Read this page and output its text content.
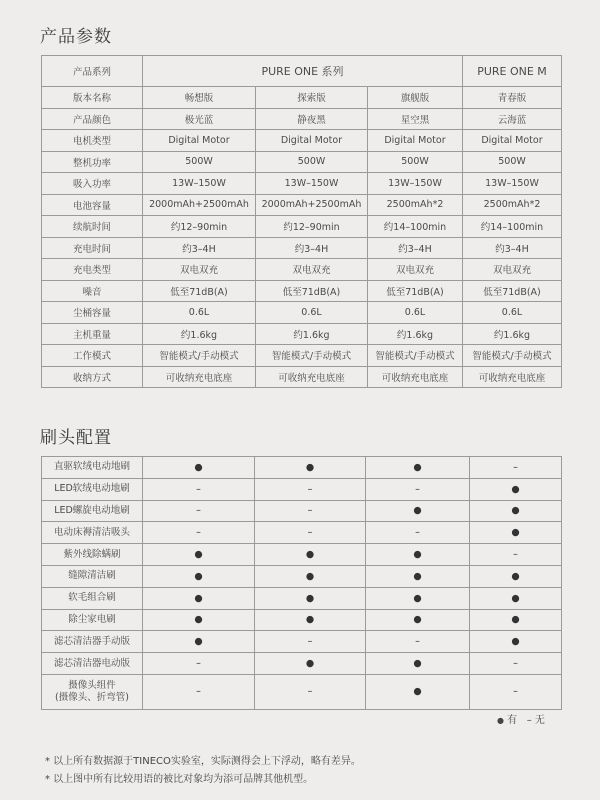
产品参数
产品系列	PURE ONE 系列			PURE ONE M
版本名称	畅想版	探索版	旗舰版	青春版
产品颜色	极光蓝	静夜黑	星空黑	云海蓝
电机类型	Digital Motor	Digital Motor	Digital Motor	Digital Motor
整机功率	500W	500W	500W	500W
吸入功率	13W–150W	13W–150W	13W–150W	13W–150W
电池容量	2000mAh+2500mAh	2000mAh+2500mAh	2500mAh*2	2500mAh*2
续航时间	约12–90min	约12–90min	约14–100min	约14–100min
充电时间	约3–4H	约3–4H	约3–4H	约3–4H
充电类型	双电双充	双电双充	双电双充	双电双充
噪音	低至71dB(A)	低至71dB(A)	低至71dB(A)	低至71dB(A)
尘桶容量	0.6L	0.6L	0.6L	0.6L
主机重量	约1.6kg	约1.6kg	约1.6kg	约1.6kg
工作模式	智能模式/手动模式	智能模式/手动模式	智能模式/手动模式	智能模式/手动模式
收纳方式	可收纳充电底座	可收纳充电底座	可收纳充电底座	可收纳充电底座
刷头配置
直驱软绒电动地刷	●	●	●	–

LED软绒电动地刷	–	–	–	●

LED螺旋电动地刷	–	–	●	●

电动床褥清洁吸头	–	–	–	●

紫外线除螨刷	●	●	●	–

缝隙清洁刷	●	●	●	●

软毛组合刷	●	●	●	●

除尘家电刷	●	●	●	●

滤芯清洁器手动版	●	–	–	●

滤芯清洁器电动版	–	●	●	–

摄像头组件
(摄像头、折弯管)	–	–	●	–
● 有 – 无
* 以上所有数据源于TINECO实验室，实际测得会上下浮动，略有差异。
* 以上图中所有比较用语的被比对象均为添可品牌其他机型。
